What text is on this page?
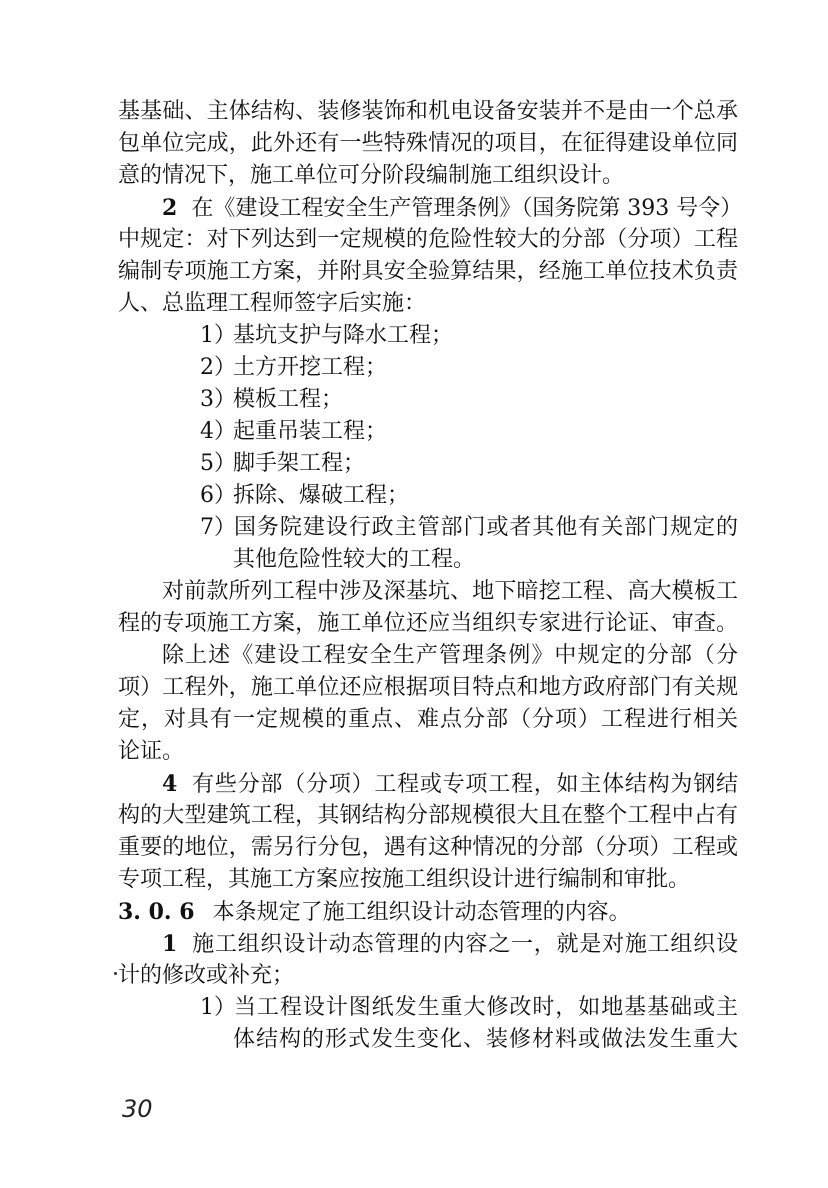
基基础、主体结构、装修装饰和机电设备安装并不是由一个总承
包单位完成，此外还有一些特殊情况的项目，在征得建设单位同
意的情况下，施工单位可分阶段编制施工组织设计。
2 在《建设工程安全生产管理条例》（国务院第 393 号令）
中规定：对下列达到一定规模的危险性较大的分部（分项）工程
编制专项施工方案，并附具安全验算结果，经施工单位技术负责
人、总监理工程师签字后实施：
1）基坑支护与降水工程；
2）土方开挖工程；
3）模板工程；
4）起重吊装工程；
5）脚手架工程；
6）拆除、爆破工程；
7）国务院建设行政主管部门或者其他有关部门规定的
其他危险性较大的工程。
对前款所列工程中涉及深基坑、地下暗挖工程、高大模板工
程的专项施工方案，施工单位还应当组织专家进行论证、审查。
除上述《建设工程安全生产管理条例》中规定的分部（分
项）工程外，施工单位还应根据项目特点和地方政府部门有关规
定，对具有一定规模的重点、难点分部（分项）工程进行相关
论证。
4 有些分部（分项）工程或专项工程，如主体结构为钢结
构的大型建筑工程，其钢结构分部规模很大且在整个工程中占有
重要的地位，需另行分包，遇有这种情况的分部（分项）工程或
专项工程，其施工方案应按施工组织设计进行编制和审批。
3. 0. 6 本条规定了施工组织设计动态管理的内容。
1 施工组织设计动态管理的内容之一，就是对施工组织设
计的修改或补充；
1）当工程设计图纸发生重大修改时，如地基基础或主
体结构的形式发生变化、装修材料或做法发生重大
30
